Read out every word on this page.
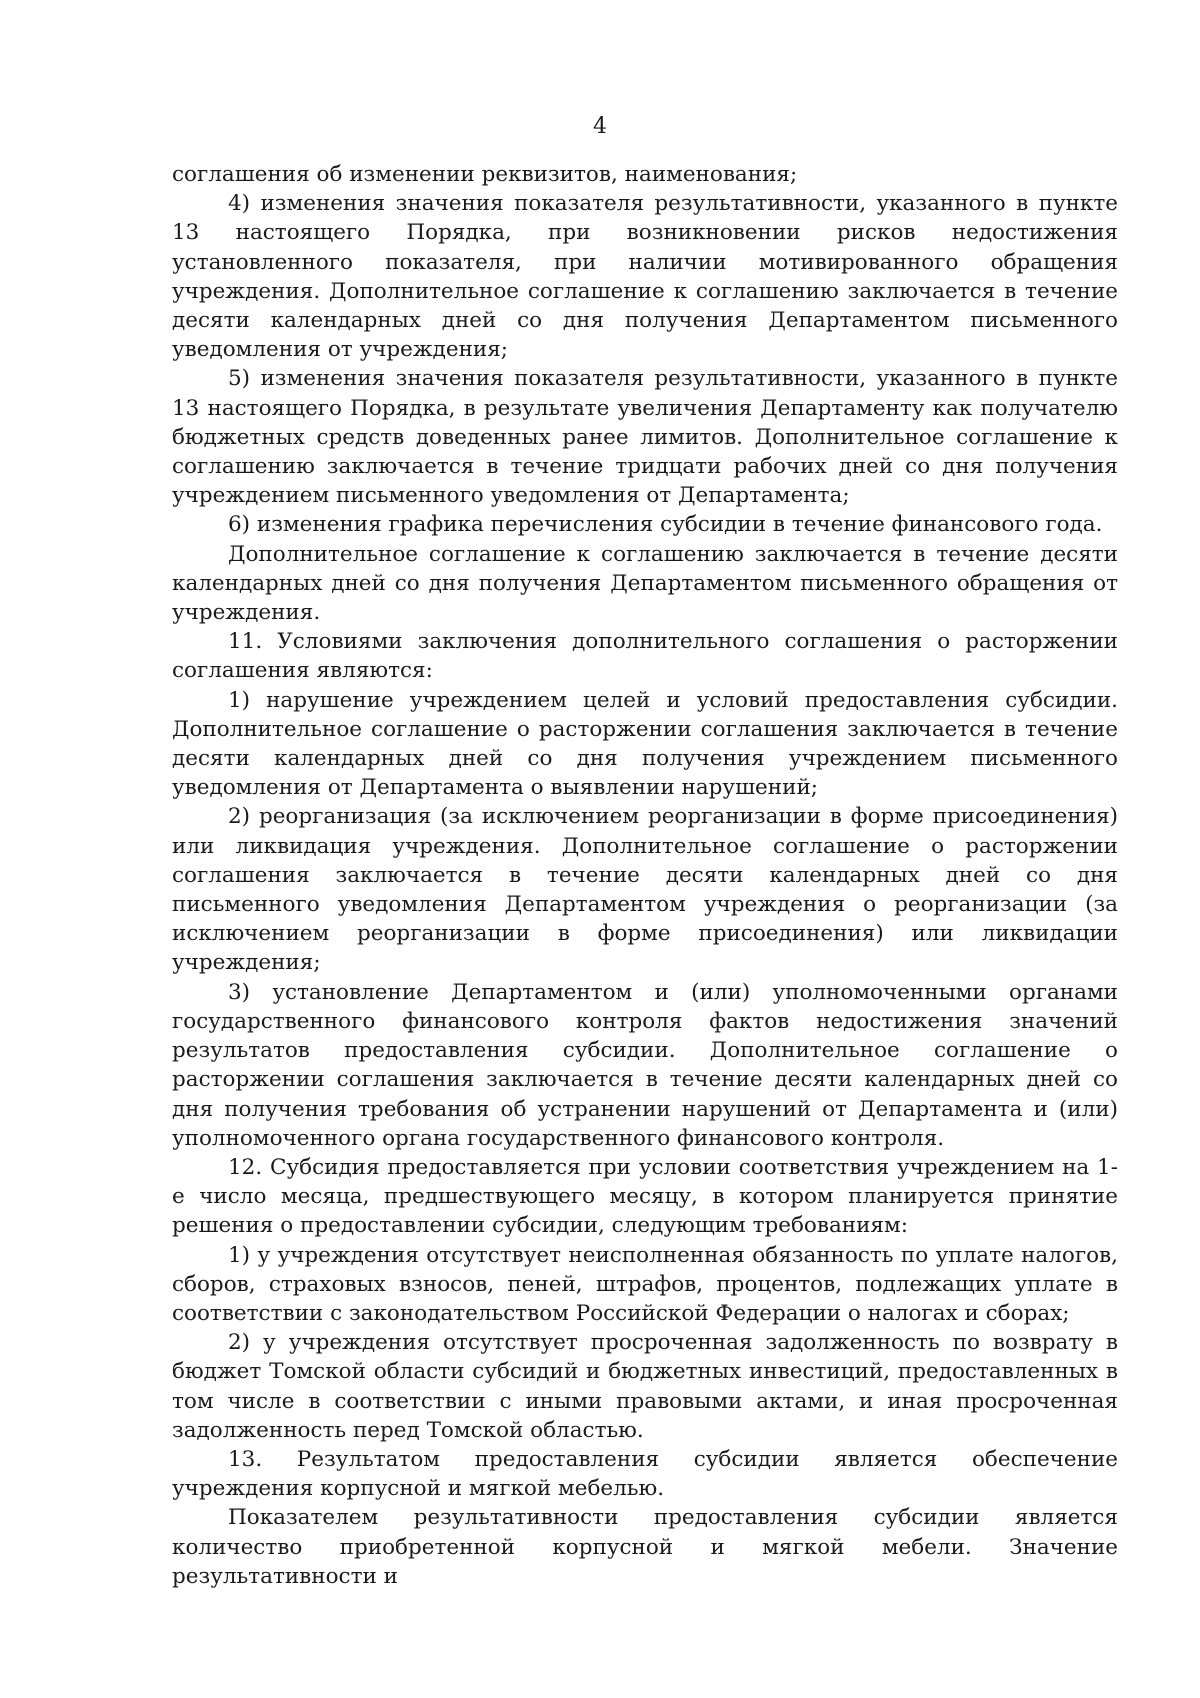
4

соглашения об изменении реквизитов, наименования;

4) изменения значения показателя результативности, указанного в пункте 13 настоящего Порядка, при возникновении рисков недостижения установленного показателя, при наличии мотивированного обращения учреждения. Дополнительное соглашение к соглашению заключается в течение десяти календарных дней со дня получения Департаментом письменного уведомления от учреждения;

5) изменения значения показателя результативности, указанного в пункте 13 настоящего Порядка, в результате увеличения Департаменту как получателю бюджетных средств доведенных ранее лимитов. Дополнительное соглашение к соглашению заключается в течение тридцати рабочих дней со дня получения учреждением письменного уведомления от Департамента;

6) изменения графика перечисления субсидии в течение финансового года.

Дополнительное соглашение к соглашению заключается в течение десяти календарных дней со дня получения Департаментом письменного обращения от учреждения.

11. Условиями заключения дополнительного соглашения о расторжении соглашения являются:

1) нарушение учреждением целей и условий предоставления субсидии. Дополнительное соглашение о расторжении соглашения заключается в течение десяти календарных дней со дня получения учреждением письменного уведомления от Департамента о выявлении нарушений;

2) реорганизация (за исключением реорганизации в форме присоединения) или ликвидация учреждения. Дополнительное соглашение о расторжении соглашения заключается в течение десяти календарных дней со дня письменного уведомления Департаментом учреждения о реорганизации (за исключением реорганизации в форме присоединения) или ликвидации учреждения;

3) установление Департаментом и (или) уполномоченными органами государственного финансового контроля фактов недостижения значений результатов предоставления субсидии. Дополнительное соглашение о расторжении соглашения заключается в течение десяти календарных дней со дня получения требования об устранении нарушений от Департамента и (или) уполномоченного органа государственного финансового контроля.

12. Субсидия предоставляется при условии соответствия учреждением на 1-е число месяца, предшествующего месяцу, в котором планируется принятие решения о предоставлении субсидии, следующим требованиям:

1) у учреждения отсутствует неисполненная обязанность по уплате налогов, сборов, страховых взносов, пеней, штрафов, процентов, подлежащих уплате в соответствии с законодательством Российской Федерации о налогах и сборах;

2) у учреждения отсутствует просроченная задолженность по возврату в бюджет Томской области субсидий и бюджетных инвестиций, предоставленных в том числе в соответствии с иными правовыми актами, и иная просроченная задолженность перед Томской областью.

13. Результатом предоставления субсидии является обеспечение учреждения корпусной и мягкой мебелью.

Показателем результативности предоставления субсидии является количество приобретенной корпусной и мягкой мебели. Значение результативности и
